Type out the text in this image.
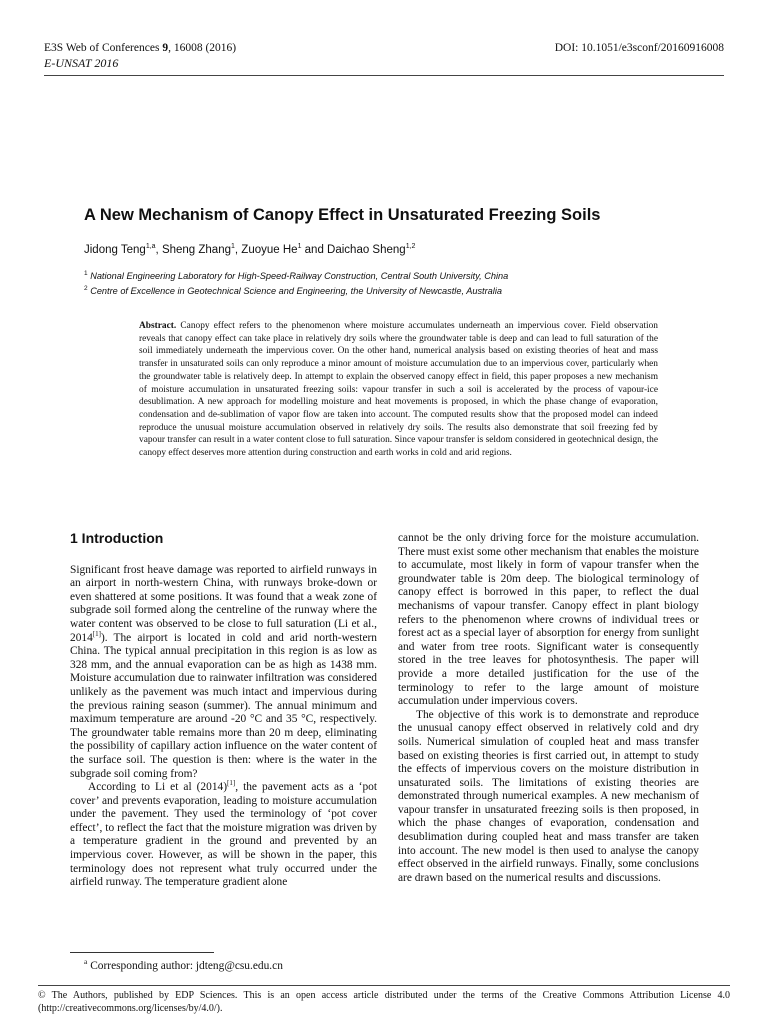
E3S Web of Conferences 9, 16008 (2016)	DOI: 10.1051/e3sconf/20160916008
E-UNSAT 2016
A New Mechanism of Canopy Effect in Unsaturated Freezing Soils
Jidong Teng$^{1,a}$, Sheng Zhang$^1$, Zuoyue He$^1$ and Daichao Sheng$^{1,2}$
$^1$ National Engineering Laboratory for High-Speed-Railway Construction, Central South University, China
$^2$ Centre of Excellence in Geotechnical Science and Engineering, the University of Newcastle, Australia
Abstract. Canopy effect refers to the phenomenon where moisture accumulates underneath an impervious cover. Field observation reveals that canopy effect can take place in relatively dry soils where the groundwater table is deep and can lead to full saturation of the soil immediately underneath the impervious cover. On the other hand, numerical analysis based on existing theories of heat and mass transfer in unsaturated soils can only reproduce a minor amount of moisture accumulation due to an impervious cover, particularly when the groundwater table is relatively deep. In attempt to explain the observed canopy effect in field, this paper proposes a new mechanism of moisture accumulation in unsaturated freezing soils: vapour transfer in such a soil is accelerated by the process of vapour-ice desublimation. A new approach for modelling moisture and heat movements is proposed, in which the phase change of evaporation, condensation and de-sublimation of vapor flow are taken into account. The computed results show that the proposed model can indeed reproduce the unusual moisture accumulation observed in relatively dry soils. The results also demonstrate that soil freezing fed by vapour transfer can result in a water content close to full saturation. Since vapour transfer is seldom considered in geotechnical design, the canopy effect deserves more attention during construction and earth works in cold and arid regions.
1 Introduction

Significant frost heave damage was reported to airfield runways in an airport in north-western China, with runways broke-down or even shattered at some positions. It was found that a weak zone of subgrade soil formed along the centreline of the runway where the water content was observed to be close to full saturation (Li et al., 2014[1]). The airport is located in cold and arid north-western China. The typical annual precipitation in this region is as low as 328 mm, and the annual evaporation can be as high as 1438 mm. Moisture accumulation due to rainwater infiltration was considered unlikely as the pavement was much intact and impervious during the previous raining season (summer). The annual minimum and maximum temperature are around -20 °C and 35 °C, respectively. The groundwater table remains more than 20 m deep, eliminating the possibility of capillary action influence on the water content of the surface soil. The question is then: where is the water in the subgrade soil coming from?

According to Li et al (2014)[1], the pavement acts as a ‘pot cover’ and prevents evaporation, leading to moisture accumulation under the pavement. They used the terminology of ‘pot cover effect’, to reflect the fact that the moisture migration was driven by a temperature gradient in the ground and prevented by an impervious cover. However, as will be shown in the paper, this terminology does not represent what truly occurred under the airfield runway. The temperature gradient alone

cannot be the only driving force for the moisture accumulation. There must exist some other mechanism that enables the moisture to accumulate, most likely in form of vapour transfer when the groundwater table is 20m deep. The biological terminology of canopy effect is borrowed in this paper, to reflect the dual mechanisms of vapour transfer. Canopy effect in plant biology refers to the phenomenon where crowns of individual trees or forest act as a special layer of absorption for energy from sunlight and water from tree roots. Significant water is consequently stored in the tree leaves for photosynthesis. The paper will provide a more detailed justification for the use of the terminology to refer to the large amount of moisture accumulation under impervious covers.

The objective of this work is to demonstrate and reproduce the unusual canopy effect observed in relatively cold and dry soils. Numerical simulation of coupled heat and mass transfer based on existing theories is first carried out, in attempt to study the effects of impervious covers on the moisture distribution in unsaturated soils. The limitations of existing theories are demonstrated through numerical examples. A new mechanism of vapour transfer in unsaturated freezing soils is then proposed, in which the phase changes of evaporation, condensation and desublimation during coupled heat and mass transfer are taken into account. The new model is then used to analyse the canopy effect observed in the airfield runways. Finally, some conclusions are drawn based on the numerical results and discussions.

$^a$ Corresponding author: jdteng@csu.edu.cn
© The Authors, published by EDP Sciences. This is an open access article distributed under the terms of the Creative Commons Attribution License 4.0 (http://creativecommons.org/licenses/by/4.0/).
